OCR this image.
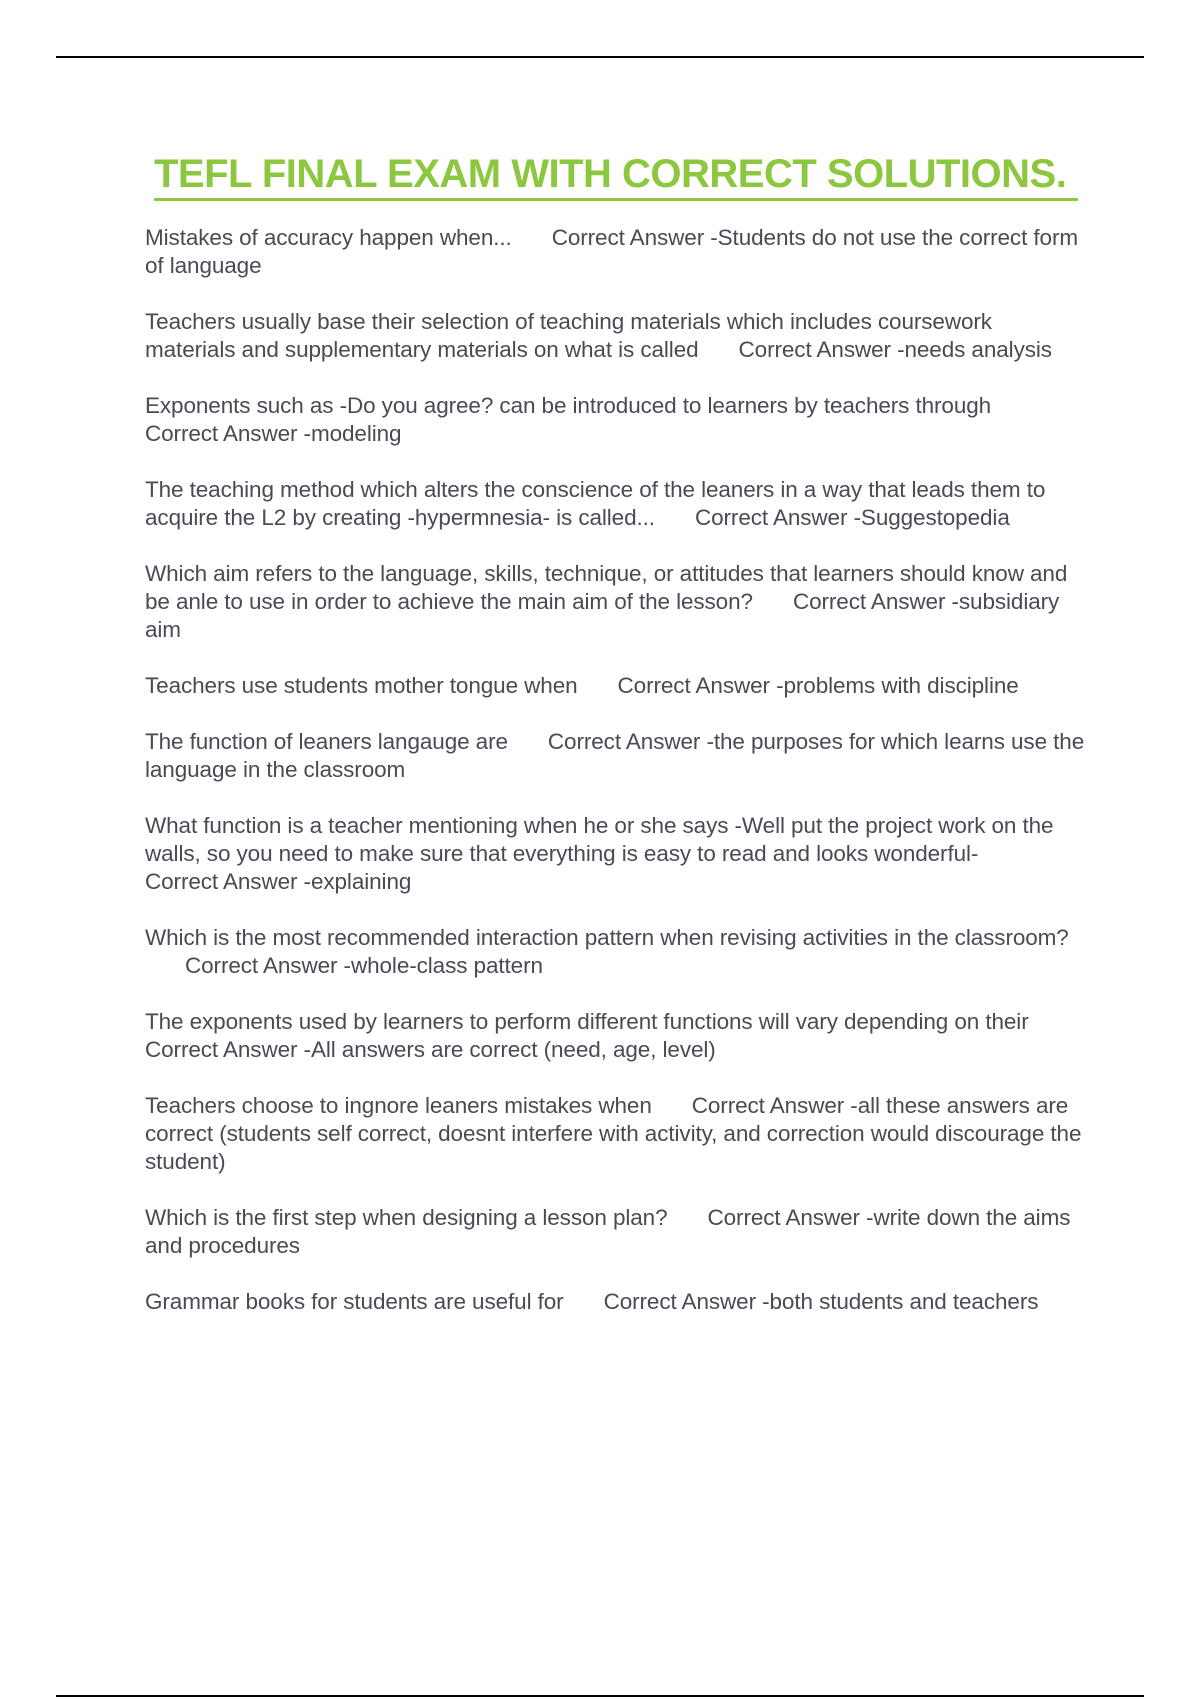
TEFL FINAL EXAM WITH CORRECT SOLUTIONS.
Mistakes of accuracy happen when... Correct Answer -Students do not use the correct form of language
Teachers usually base their selection of teaching materials which includes coursework materials and supplementary materials on what is called Correct Answer -needs analysis
Exponents such as -Do you agree? can be introduced to learners by teachers throughCorrect Answer -modeling
The teaching method which alters the conscience of the leaners in a way that leads them to acquire the L2 by creating -hypermnesia- is called... Correct Answer -Suggestopedia
Which aim refers to the language, skills, technique, or attitudes that learners should know and be anle to use in order to achieve the main aim of the lesson? Correct Answer -subsidiary aim
Teachers use students mother tongue when Correct Answer -problems with discipline
The function of leaners langauge are Correct Answer -the purposes for which learns use the language in the classroom
What function is a teacher mentioning when he or she says -Well put the project work on the walls, so you need to make sure that everything is easy to read and looks wonderful-Correct Answer -explaining
Which is the most recommended interaction pattern when revising activities in the classroom?Correct Answer -whole-class pattern
The exponents used by learners to perform different functions will vary depending on theirCorrect Answer -All answers are correct (need, age, level)
Teachers choose to ingnore leaners mistakes when Correct Answer -all these answers are correct (students self correct, doesnt interfere with activity, and correction would discourage the student)
Which is the first step when designing a lesson plan? Correct Answer -write down the aims and procedures
Grammar books for students are useful for Correct Answer -both students and teachers
